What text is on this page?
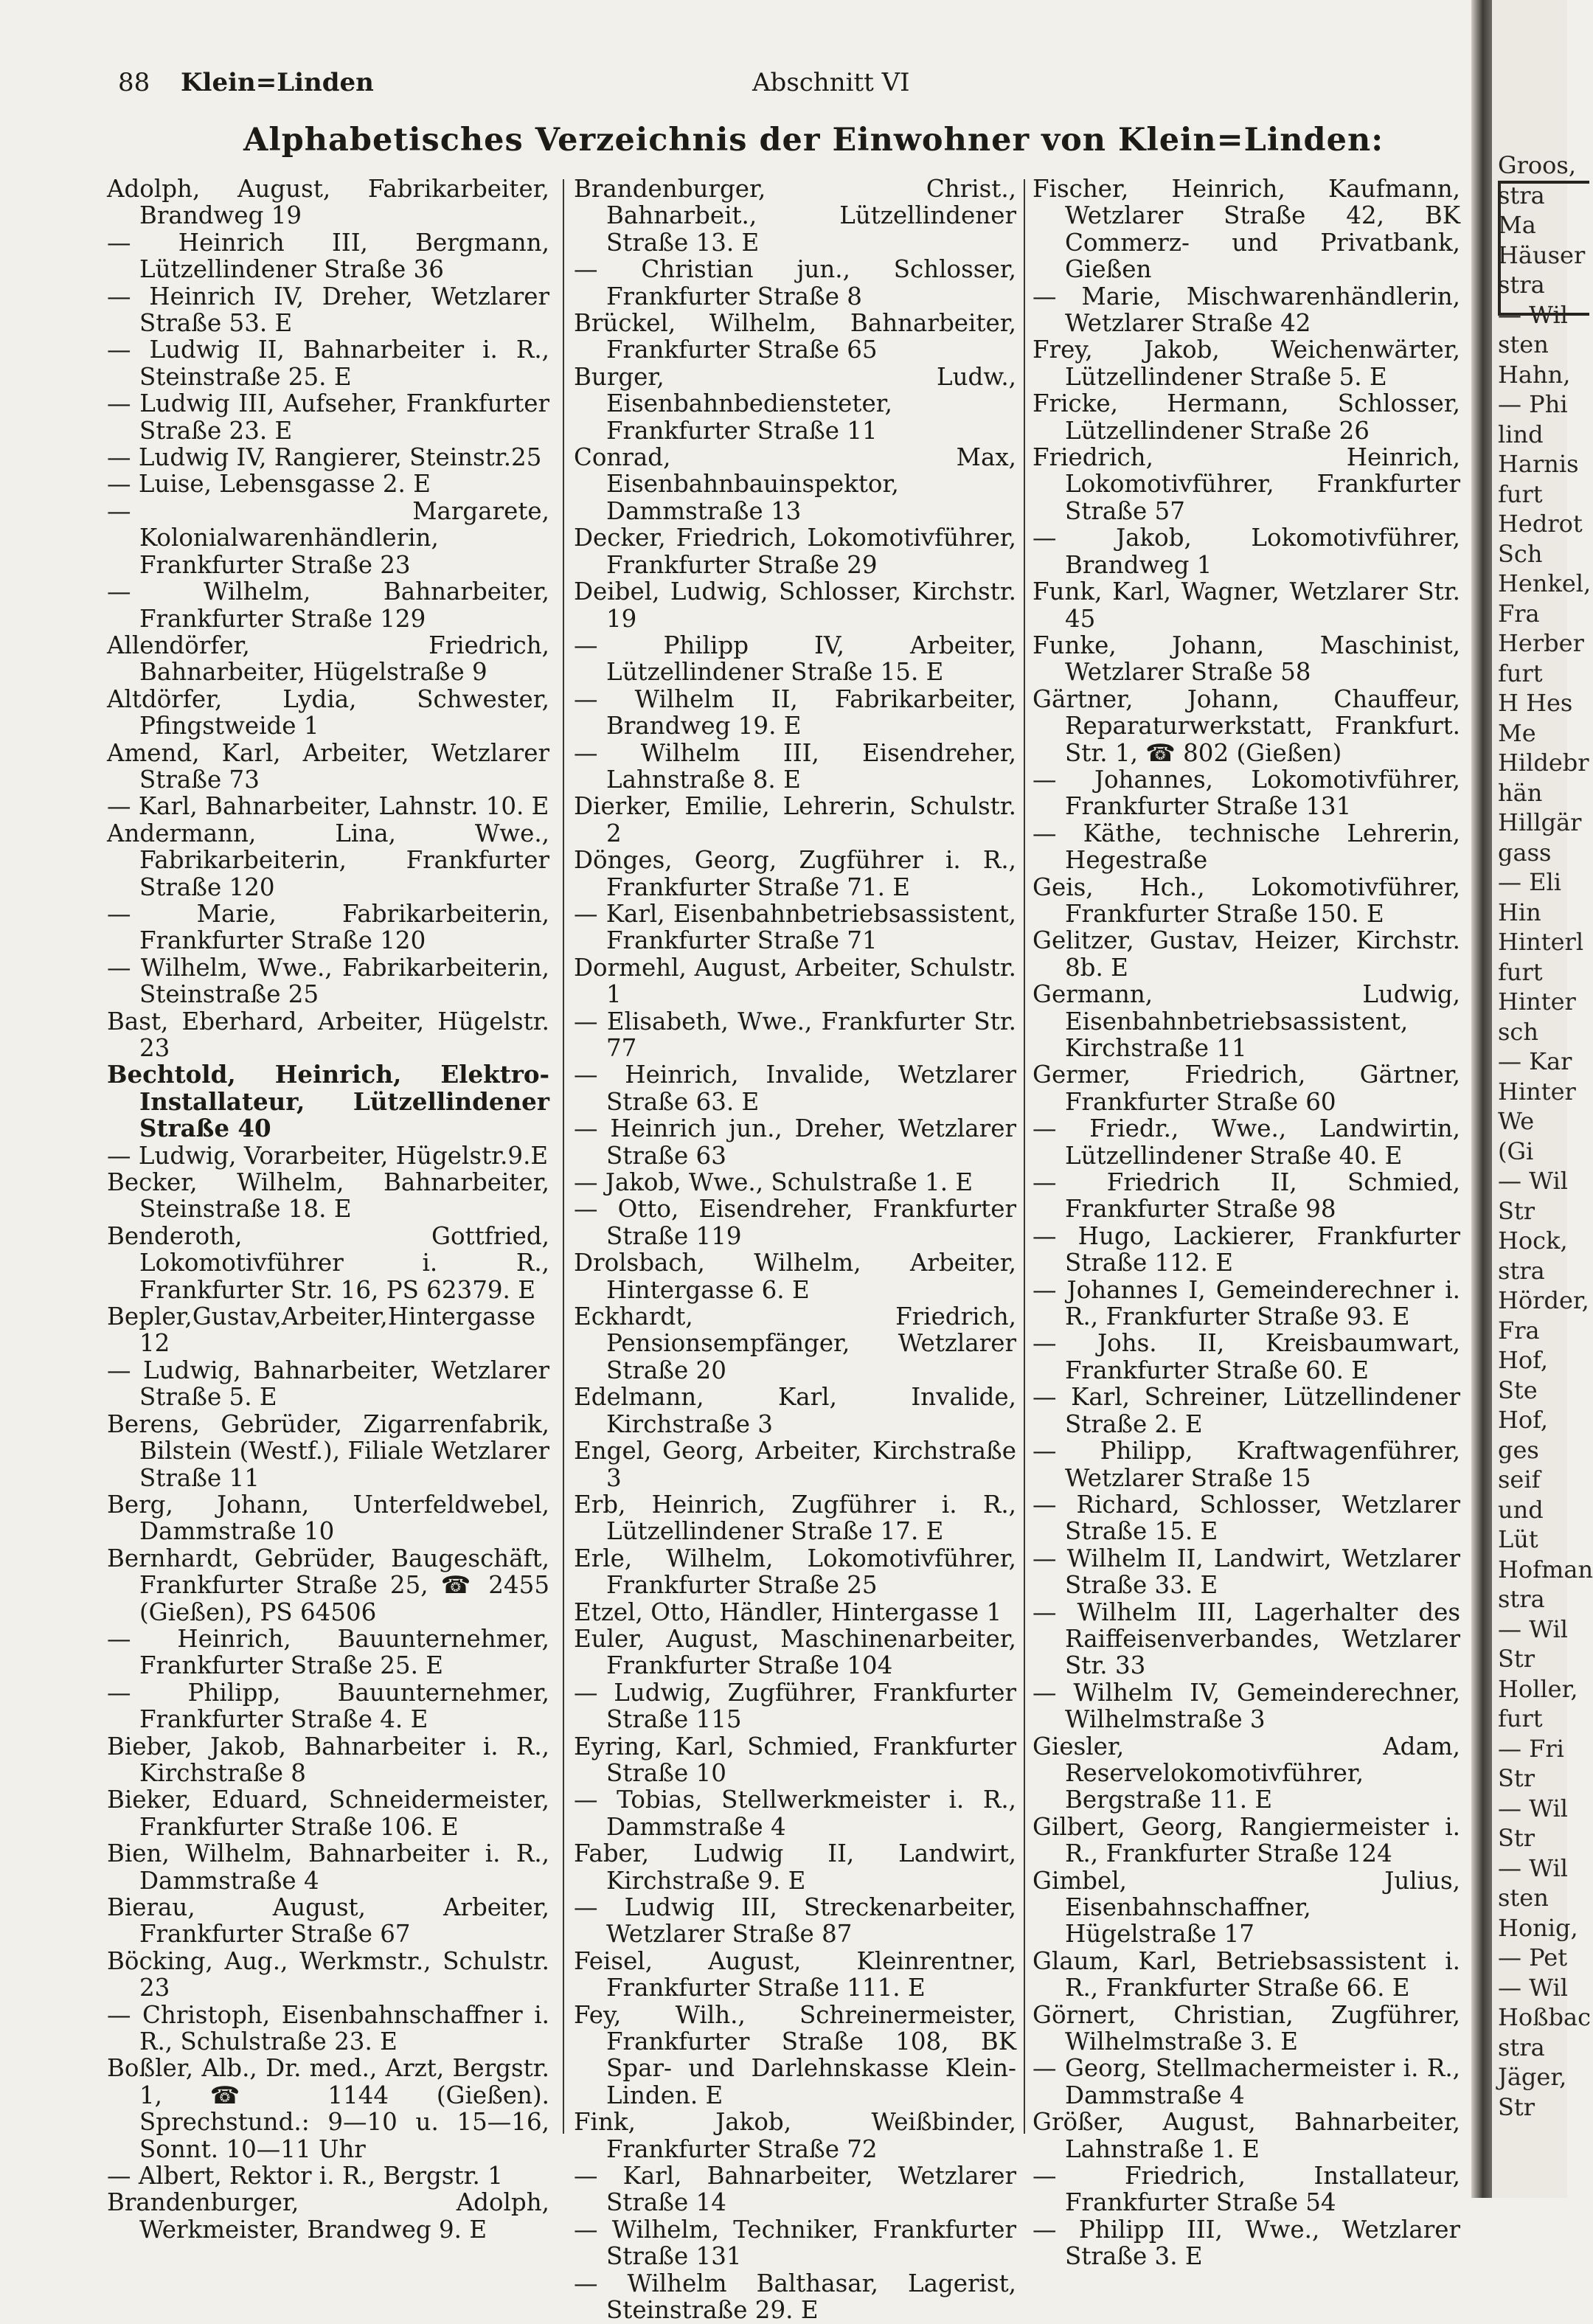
88 Klein=Linden	Abschnitt VI
Alphabetisches Verzeichnis der Einwohner von Klein=Linden:
Adolph, August, Fabrikarbeiter, Brandweg 19
— Heinrich III, Bergmann, Lützellindener Straße 36
— Heinrich IV, Dreher, Wetzlarer Straße 53. E
— Ludwig II, Bahnarbeiter i. R., Steinstraße 25. E
— Ludwig III, Aufseher, Frankfurter Straße 23. E
— Ludwig IV, Rangierer, Steinstr.25
— Luise, Lebensgasse 2. E
— Margarete, Kolonialwarenhändlerin, Frankfurter Straße 23
— Wilhelm, Bahnarbeiter, Frankfurter Straße 129
Allendörfer, Friedrich, Bahnarbeiter, Hügelstraße 9
Altdörfer, Lydia, Schwester, Pfingstweide 1
Amend, Karl, Arbeiter, Wetzlarer Straße 73
— Karl, Bahnarbeiter, Lahnstr. 10. E
Andermann, Lina, Wwe., Fabrikarbeiterin, Frankfurter Straße 120
— Marie, Fabrikarbeiterin, Frankfurter Straße 120
— Wilhelm, Wwe., Fabrikarbeiterin, Steinstraße 25
Bast, Eberhard, Arbeiter, Hügelstr. 23
Bechtold, Heinrich, Elektro-Installateur, Lützellindener Straße 40
— Ludwig, Vorarbeiter, Hügelstr.9.E
Becker, Wilhelm, Bahnarbeiter, Steinstraße 18. E
Benderoth, Gottfried, Lokomotivführer i. R., Frankfurter Str. 16, PS 62379. E
Bepler,Gustav,Arbeiter,Hintergasse 12
— Ludwig, Bahnarbeiter, Wetzlarer Straße 5. E
Berens, Gebrüder, Zigarrenfabrik, Bilstein (Westf.), Filiale Wetzlarer Straße 11
Berg, Johann, Unterfeldwebel, Dammstraße 10
Bernhardt, Gebrüder, Baugeschäft, Frankfurter Straße 25, ☎ 2455 (Gießen), PS 64506
— Heinrich, Bauunternehmer, Frankfurter Straße 25. E
— Philipp, Bauunternehmer, Frankfurter Straße 4. E
Bieber, Jakob, Bahnarbeiter i. R., Kirchstraße 8
Bieker, Eduard, Schneidermeister, Frankfurter Straße 106. E
Bien, Wilhelm, Bahnarbeiter i. R., Dammstraße 4
Bierau, August, Arbeiter, Frankfurter Straße 67
Böcking, Aug., Werkmstr., Schulstr. 23
— Christoph, Eisenbahnschaffner i. R., Schulstraße 23. E
Boßler, Alb., Dr. med., Arzt, Bergstr. 1, ☎ 1144 (Gießen). Sprechstund.: 9—10 u. 15—16, Sonnt. 10—11 Uhr
— Albert, Rektor i. R., Bergstr. 1
Brandenburger, Adolph, Werkmeister, Brandweg 9. E
Brandenburger, Christ., Bahnarbeit., Lützellindener Straße 13. E
— Christian jun., Schlosser, Frankfurter Straße 8
Brückel, Wilhelm, Bahnarbeiter, Frankfurter Straße 65
Burger, Ludw., Eisenbahnbediensteter, Frankfurter Straße 11
Conrad, Max, Eisenbahnbauinspektor, Dammstraße 13
Decker, Friedrich, Lokomotivführer, Frankfurter Straße 29
Deibel, Ludwig, Schlosser, Kirchstr. 19
— Philipp IV, Arbeiter, Lützellindener Straße 15. E
— Wilhelm II, Fabrikarbeiter, Brandweg 19. E
— Wilhelm III, Eisendreher, Lahnstraße 8. E
Dierker, Emilie, Lehrerin, Schulstr. 2
Dönges, Georg, Zugführer i. R., Frankfurter Straße 71. E
— Karl, Eisenbahnbetriebsassistent, Frankfurter Straße 71
Dormehl, August, Arbeiter, Schulstr. 1
— Elisabeth, Wwe., Frankfurter Str. 77
— Heinrich, Invalide, Wetzlarer Straße 63. E
— Heinrich jun., Dreher, Wetzlarer Straße 63
— Jakob, Wwe., Schulstraße 1. E
— Otto, Eisendreher, Frankfurter Straße 119
Drolsbach, Wilhelm, Arbeiter, Hintergasse 6. E
Eckhardt, Friedrich, Pensionsempfänger, Wetzlarer Straße 20
Edelmann, Karl, Invalide, Kirchstraße 3
Engel, Georg, Arbeiter, Kirchstraße 3
Erb, Heinrich, Zugführer i. R., Lützellindener Straße 17. E
Erle, Wilhelm, Lokomotivführer, Frankfurter Straße 25
Etzel, Otto, Händler, Hintergasse 1
Euler, August, Maschinenarbeiter, Frankfurter Straße 104
— Ludwig, Zugführer, Frankfurter Straße 115
Eyring, Karl, Schmied, Frankfurter Straße 10
— Tobias, Stellwerkmeister i. R., Dammstraße 4
Faber, Ludwig II, Landwirt, Kirchstraße 9. E
— Ludwig III, Streckenarbeiter, Wetzlarer Straße 87
Feisel, August, Kleinrentner, Frankfurter Straße 111. E
Fey, Wilh., Schreinermeister, Frankfurter Straße 108, BK Spar- und Darlehnskasse Klein-Linden. E
Fink, Jakob, Weißbinder, Frankfurter Straße 72
— Karl, Bahnarbeiter, Wetzlarer Straße 14
— Wilhelm, Techniker, Frankfurter Straße 131
— Wilhelm Balthasar, Lagerist, Steinstraße 29. E
Fischer, Heinrich, Kaufmann, Wetzlarer Straße 42, BK Commerz- und Privatbank, Gießen
— Marie, Mischwarenhändlerin, Wetzlarer Straße 42
Frey, Jakob, Weichenwärter, Lützellindener Straße 5. E
Fricke, Hermann, Schlosser, Lützellindener Straße 26
Friedrich, Heinrich, Lokomotivführer, Frankfurter Straße 57
— Jakob, Lokomotivführer, Brandweg 1
Funk, Karl, Wagner, Wetzlarer Str. 45
Funke, Johann, Maschinist, Wetzlarer Straße 58
Gärtner, Johann, Chauffeur, Reparaturwerkstatt, Frankfurt. Str. 1, ☎ 802 (Gießen)
— Johannes, Lokomotivführer, Frankfurter Straße 131
— Käthe, technische Lehrerin, Hegestraße
Geis, Hch., Lokomotivführer, Frankfurter Straße 150. E
Gelitzer, Gustav, Heizer, Kirchstr. 8b. E
Germann, Ludwig, Eisenbahnbetriebsassistent, Kirchstraße 11
Germer, Friedrich, Gärtner, Frankfurter Straße 60
— Friedr., Wwe., Landwirtin, Lützellindener Straße 40. E
— Friedrich II, Schmied, Frankfurter Straße 98
— Hugo, Lackierer, Frankfurter Straße 112. E
— Johannes I, Gemeinderechner i. R., Frankfurter Straße 93. E
— Johs. II, Kreisbaumwart, Frankfurter Straße 60. E
— Karl, Schreiner, Lützellindener Straße 2. E
— Philipp, Kraftwagenführer, Wetzlarer Straße 15
— Richard, Schlosser, Wetzlarer Straße 15. E
— Wilhelm II, Landwirt, Wetzlarer Straße 33. E
— Wilhelm III, Lagerhalter des Raiffeisenverbandes, Wetzlarer Str. 33
— Wilhelm IV, Gemeinderechner, Wilhelmstraße 3
Giesler, Adam, Reservelokomotivführer, Bergstraße 11. E
Gilbert, Georg, Rangiermeister i. R., Frankfurter Straße 124
Gimbel, Julius, Eisenbahnschaffner, Hügelstraße 17
Glaum, Karl, Betriebsassistent i. R., Frankfurter Straße 66. E
Görnert, Christian, Zugführer, Wilhelmstraße 3. E
— Georg, Stellmachermeister i. R., Dammstraße 4
Größer, August, Bahnarbeiter, Lahnstraße 1. E
— Friedrich, Installateur, Frankfurter Straße 54
— Philipp III, Wwe., Wetzlarer Straße 3. E
Groos,
stra
Ma
Häuser
stra
— Wil
sten
Hahn,
— Phi
lind
Harnis
furt
Hedrot
Sch
Henkel,
Fra
Herber
furt
H Hes
Me
Hildebr
hän
Hillgär
gass
— Eli
Hin
Hinterl
furt
Hinter
sch
— Kar
Hinter
We
(Gi
— Wil
Str
Hock,
stra
Hörder,
Fra
Hof,
Ste
Hof,
ges
seif
und
Lüt
Hofman
stra
— Wil
Str
Holler,
furt
— Fri
Str
— Wil
Str
— Wil
sten
Honig,
— Pet
— Wil
Hoßbac
stra
Jäger,
Str
